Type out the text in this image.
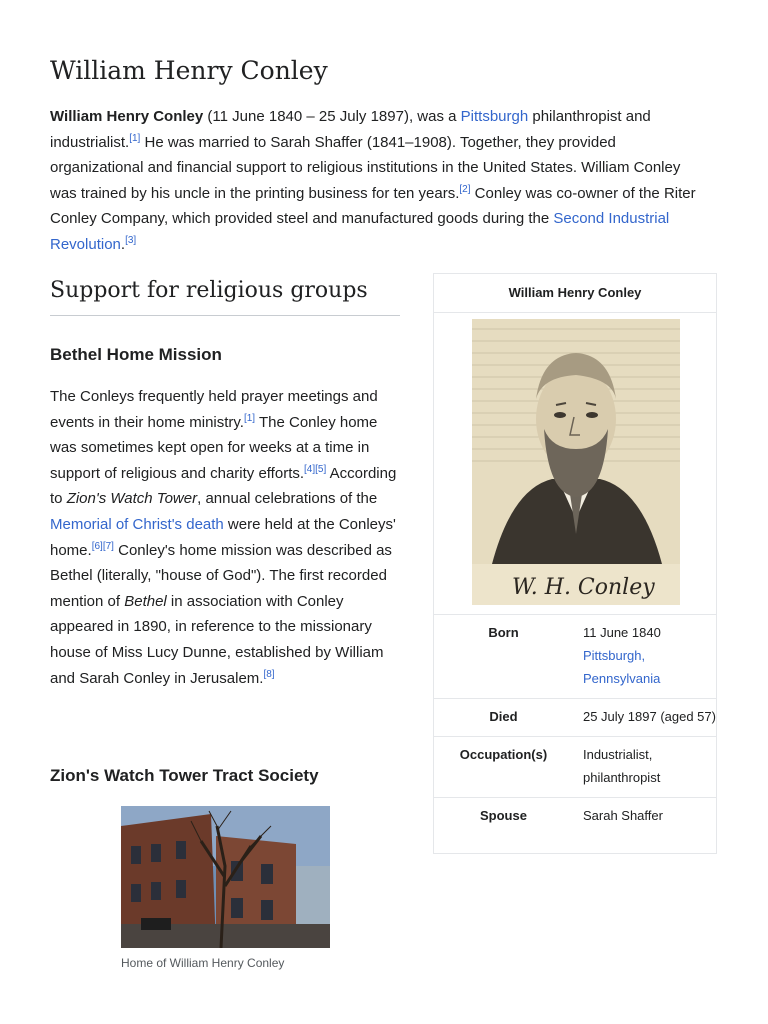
William Henry Conley

William Henry Conley (11 June 1840 – 25 July 1897), was a Pittsburgh philanthropist and industrialist.[1] He was married to Sarah Shaffer (1841–1908). Together, they provided organizational and financial support to religious institutions in the United States. William Conley was trained by his uncle in the printing business for ten years.[2] Conley was co-owner of the Riter Conley Company, which provided steel and manufactured goods during the Second Industrial Revolution.[3]

Support for religious groups
Bethel Home Mission

The Conleys frequently held prayer meetings and events in their home ministry.[1] The Conley home was sometimes kept open for weeks at a time in support of religious and charity efforts.[4][5] According to Zion's Watch Tower, annual celebrations of the Memorial of Christ's death were held at the Conleys' home.[6][7] Conley's home mission was described as Bethel (literally, "house of God"). The first recorded mention of Bethel in association with Conley appeared in 1890, in reference to the missionary house of Miss Lucy Dunne, established by William and Sarah Conley in Jerusalem.[8]

Zion's Watch Tower Tract Society
Home of William Henry Conley
William Henry Conley
W. H. Conley
Born	11 June 1840
Pittsburgh, Pennsylvania
Died	25 July 1897 (aged 57)
Occupation(s)	Industrialist, philanthropist
Spouse	Sarah Shaffer
